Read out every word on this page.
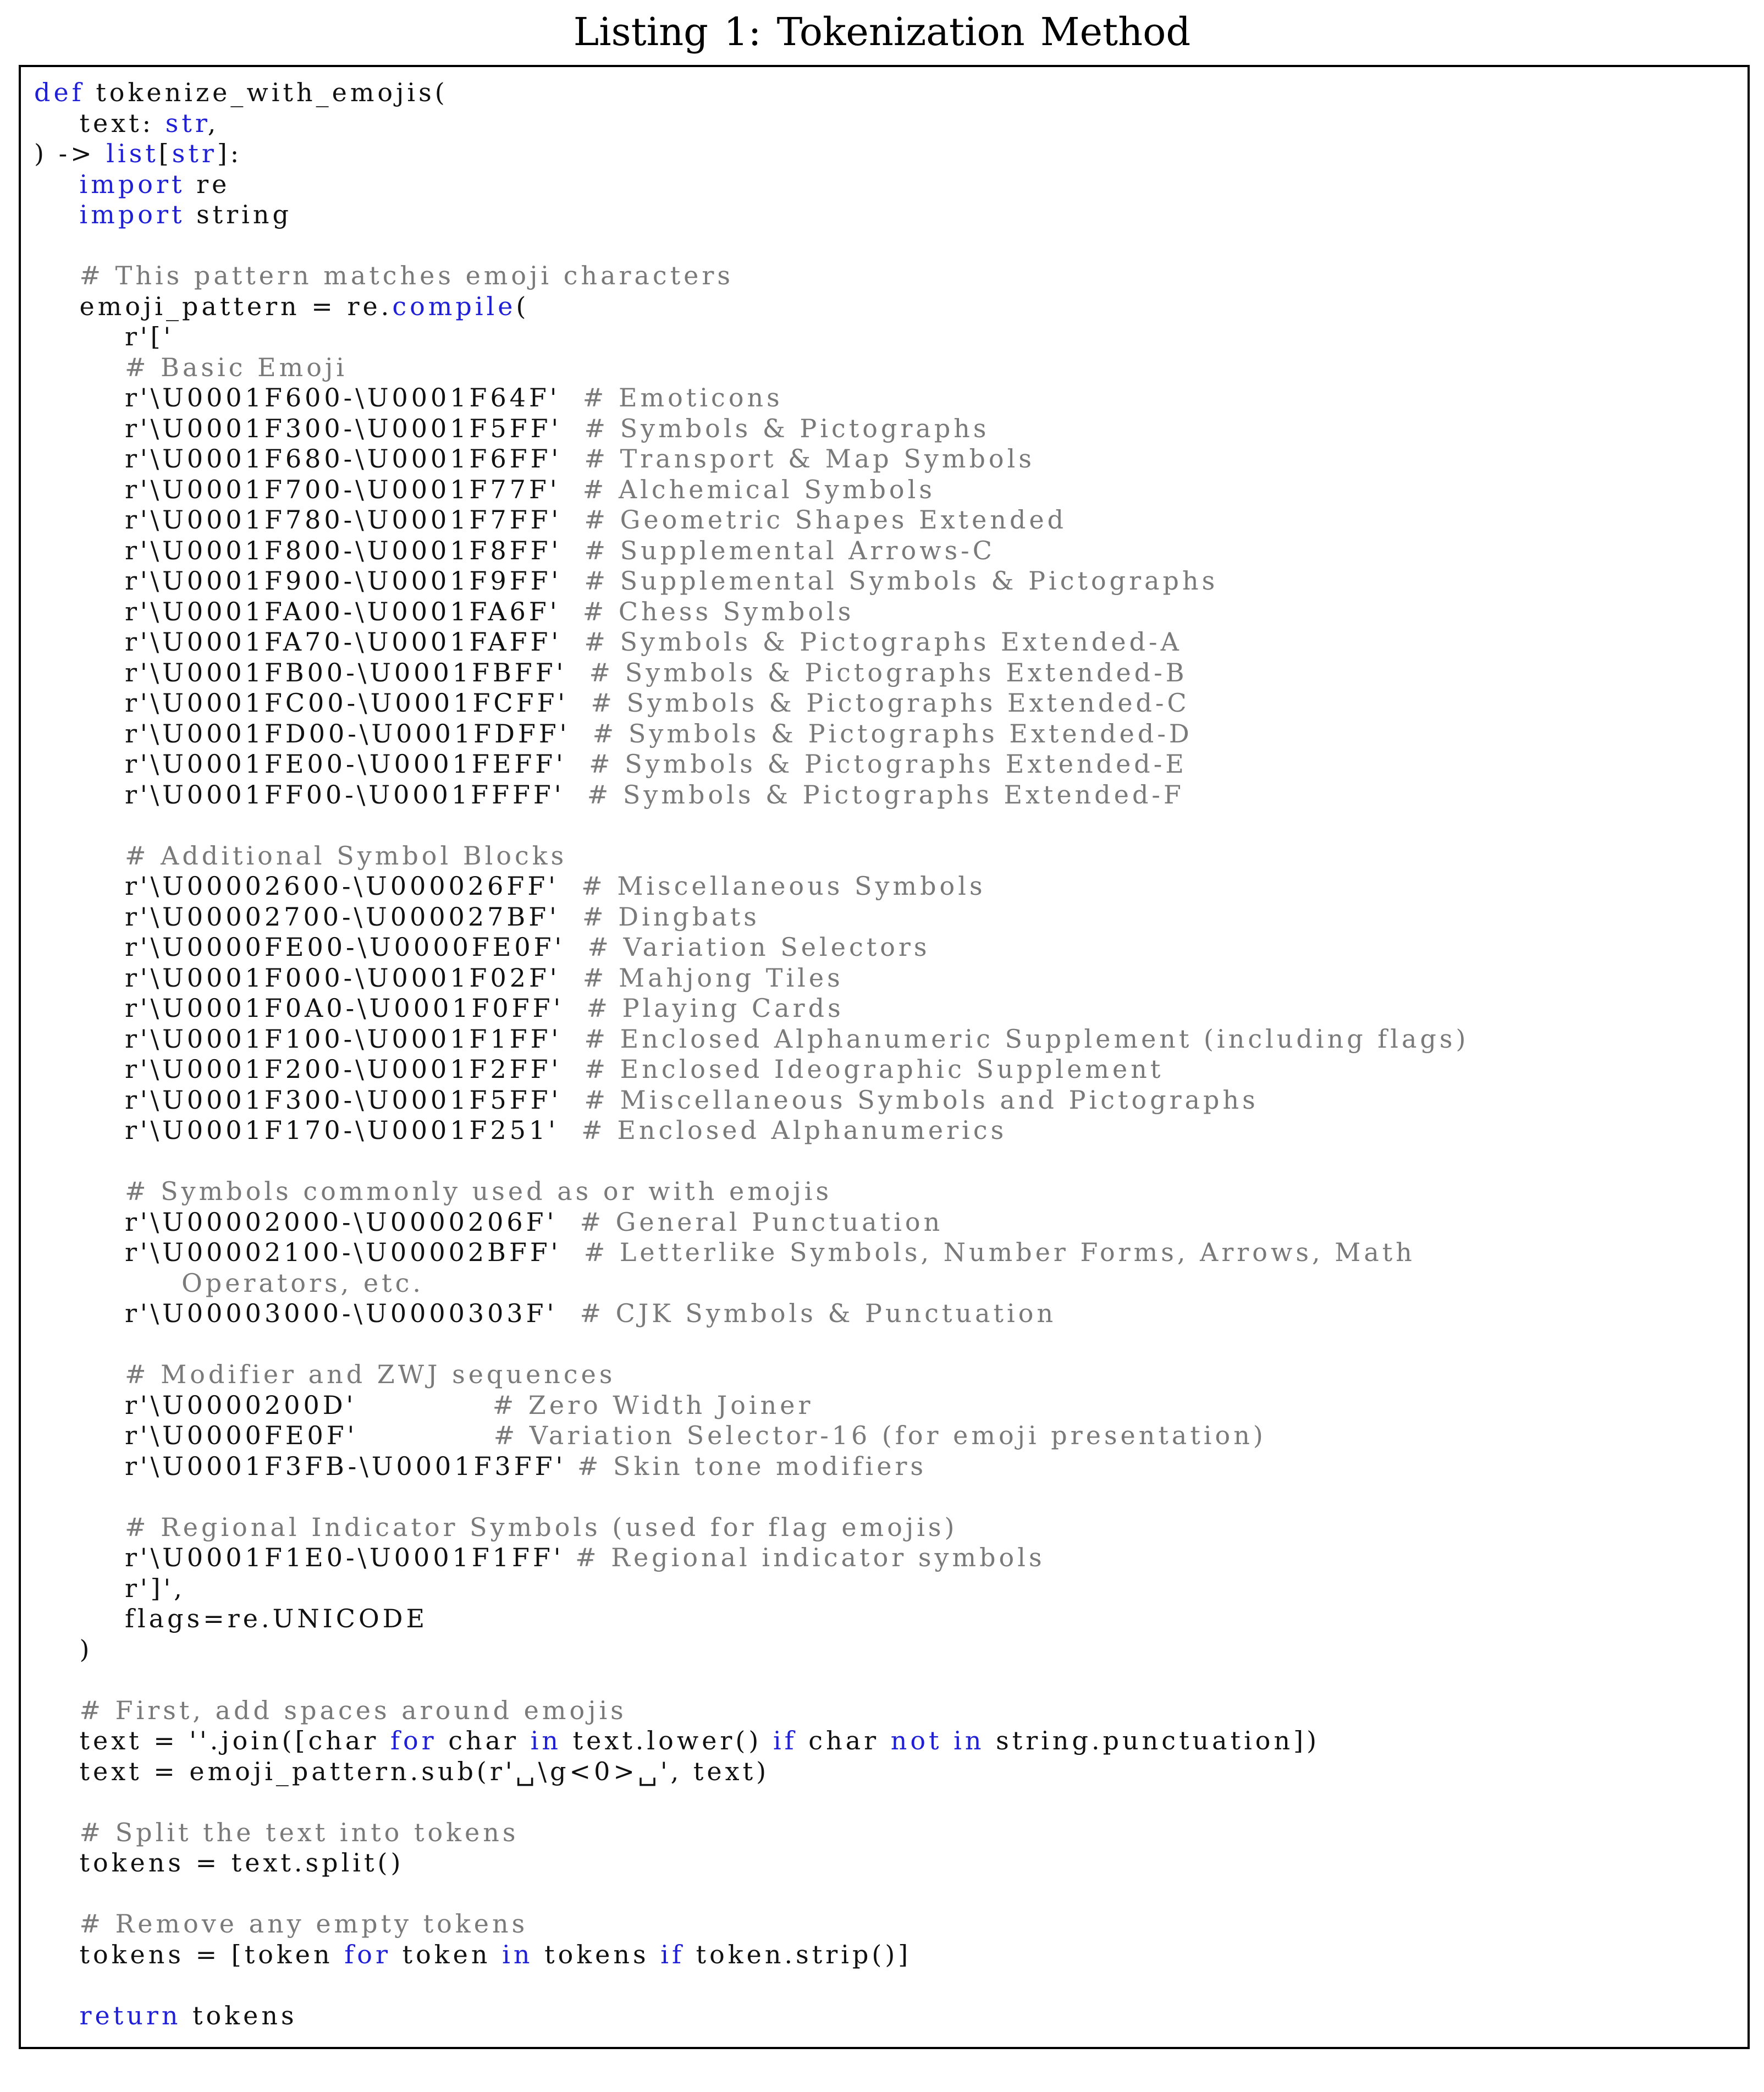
Listing 1: Tokenization Method
def tokenize_with_emojis(
text: str,
) -> list[str]:
import re
import string
# This pattern matches emoji characters
emoji_pattern = re.compile(
r'['
# Basic Emoji
r'\U0001F600-\U0001F64F'  # Emoticons
r'\U0001F300-\U0001F5FF'  # Symbols & Pictographs
r'\U0001F680-\U0001F6FF'  # Transport & Map Symbols
r'\U0001F700-\U0001F77F'  # Alchemical Symbols
r'\U0001F780-\U0001F7FF'  # Geometric Shapes Extended
r'\U0001F800-\U0001F8FF'  # Supplemental Arrows-C
r'\U0001F900-\U0001F9FF'  # Supplemental Symbols & Pictographs
r'\U0001FA00-\U0001FA6F'  # Chess Symbols
r'\U0001FA70-\U0001FAFF'  # Symbols & Pictographs Extended-A
r'\U0001FB00-\U0001FBFF'  # Symbols & Pictographs Extended-B
r'\U0001FC00-\U0001FCFF'  # Symbols & Pictographs Extended-C
r'\U0001FD00-\U0001FDFF'  # Symbols & Pictographs Extended-D
r'\U0001FE00-\U0001FEFF'  # Symbols & Pictographs Extended-E
r'\U0001FF00-\U0001FFFF'  # Symbols & Pictographs Extended-F
# Additional Symbol Blocks
r'\U00002600-\U000026FF'  # Miscellaneous Symbols
r'\U00002700-\U000027BF'  # Dingbats
r'\U0000FE00-\U0000FE0F'  # Variation Selectors
r'\U0001F000-\U0001F02F'  # Mahjong Tiles
r'\U0001F0A0-\U0001F0FF'  # Playing Cards
r'\U0001F100-\U0001F1FF'  # Enclosed Alphanumeric Supplement (including flags)
r'\U0001F200-\U0001F2FF'  # Enclosed Ideographic Supplement
r'\U0001F300-\U0001F5FF'  # Miscellaneous Symbols and Pictographs
r'\U0001F170-\U0001F251'  # Enclosed Alphanumerics
# Symbols commonly used as or with emojis
r'\U00002000-\U0000206F'  # General Punctuation
r'\U00002100-\U00002BFF'  # Letterlike Symbols, Number Forms, Arrows, Math
Operators, etc.
r'\U00003000-\U0000303F'  # CJK Symbols & Punctuation
# Modifier and ZWJ sequences
r'\U0000200D'            # Zero Width Joiner
r'\U0000FE0F'            # Variation Selector-16 (for emoji presentation)
r'\U0001F3FB-\U0001F3FF' # Skin tone modifiers
# Regional Indicator Symbols (used for flag emojis)
r'\U0001F1E0-\U0001F1FF' # Regional indicator symbols
r']',
flags=re.UNICODE
)
# First, add spaces around emojis
text = ''.join([char for char in text.lower() if char not in string.punctuation])
text = emoji_pattern.sub(r'␣\g<0>␣', text)
# Split the text into tokens
tokens = text.split()
# Remove any empty tokens
tokens = [token for token in tokens if token.strip()]
return tokens
